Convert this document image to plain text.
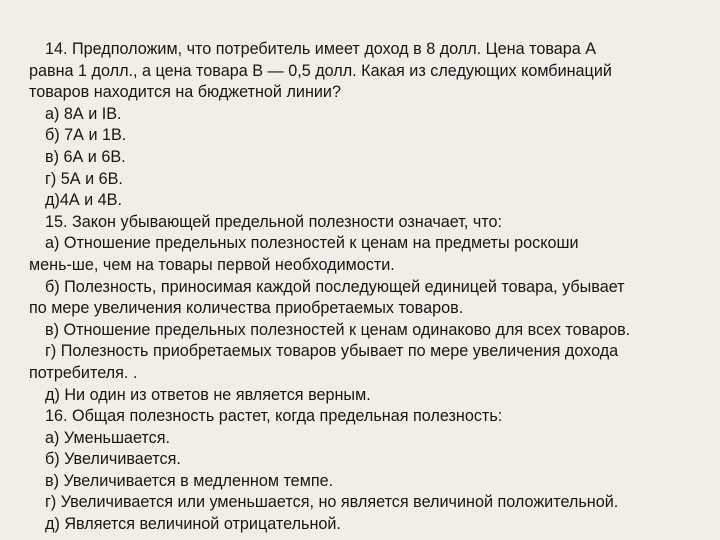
14. Предположим, что потребитель имеет доход в 8 долл. Цена товара А
равна 1 долл., а цена товара В — 0,5 долл. Какая из следующих комбинаций
товаров находится на бюджетной линии?
а) 8А и IB.
б) 7А и 1В.
в) 6А и 6В.
г) 5А и 6В.
д)4А и 4В.
15. Закон убывающей предельной полезности означает, что:
а) Отношение предельных полезностей к ценам на предметы роскоши
мень-ше, чем на товары первой необходимости.
б) Полезность, приносимая каждой последующей единицей товара, убывает
по мере увеличения количества приобретаемых товаров.
в) Отношение предельных полезностей к ценам одинаково для всех товаров.
г) Полезность приобретаемых товаров убывает по мере увеличения дохода
потребителя. .
д) Ни один из ответов не является верным.
16. Общая полезность растет, когда предельная полезность:
а) Уменьшается.
б) Увеличивается.
в) Увеличивается в медленном темпе.
г) Увеличивается или уменьшается, но является величиной положительной.
д) Является величиной отрицательной.
